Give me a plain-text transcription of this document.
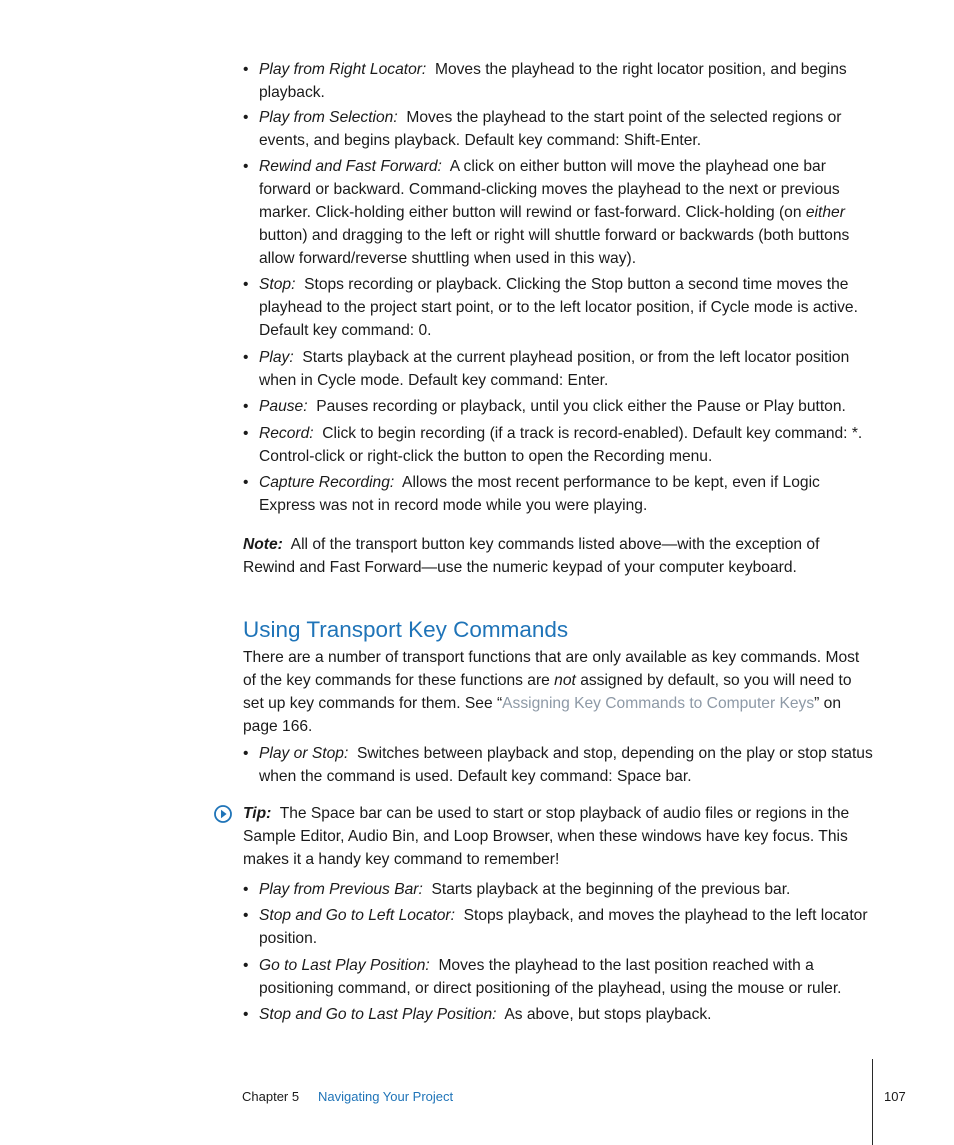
• Play from Right Locator: Moves the playhead to the right locator position, and begins playback.

• Play from Selection: Moves the playhead to the start point of the selected regions or events, and begins playback. Default key command: Shift-Enter.

• Rewind and Fast Forward: A click on either button will move the playhead one bar forward or backward. Command-clicking moves the playhead to the next or previous marker. Click-holding either button will rewind or fast-forward. Click-holding (on either button) and dragging to the left or right will shuttle forward or backwards (both buttons allow forward/reverse shuttling when used in this way).

• Stop: Stops recording or playback. Clicking the Stop button a second time moves the playhead to the project start point, or to the left locator position, if Cycle mode is active. Default key command: 0.

• Play: Starts playback at the current playhead position, or from the left locator position when in Cycle mode. Default key command: Enter.

• Pause: Pauses recording or playback, until you click either the Pause or Play button.

• Record: Click to begin recording (if a track is record-enabled). Default key command: *. Control-click or right-click the button to open the Recording menu.

• Capture Recording: Allows the most recent performance to be kept, even if Logic Express was not in record mode while you were playing.

Note: All of the transport button key commands listed above—with the exception of Rewind and Fast Forward—use the numeric keypad of your computer keyboard.

Using Transport Key Commands

There are a number of transport functions that are only available as key commands. Most of the key commands for these functions are not assigned by default, so you will need to set up key commands for them. See “Assigning Key Commands to Computer Keys” on page 166.

• Play or Stop: Switches between playback and stop, depending on the play or stop status when the command is used. Default key command: Space bar.

Tip: The Space bar can be used to start or stop playback of audio files or regions in the Sample Editor, Audio Bin, and Loop Browser, when these windows have key focus. This makes it a handy key command to remember!

• Play from Previous Bar: Starts playback at the beginning of the previous bar.

• Stop and Go to Left Locator: Stops playback, and moves the playhead to the left locator position.

• Go to Last Play Position: Moves the playhead to the last position reached with a positioning command, or direct positioning of the playhead, using the mouse or ruler.

• Stop and Go to Last Play Position: As above, but stops playback.

Chapter 5 Navigating Your Project	107
